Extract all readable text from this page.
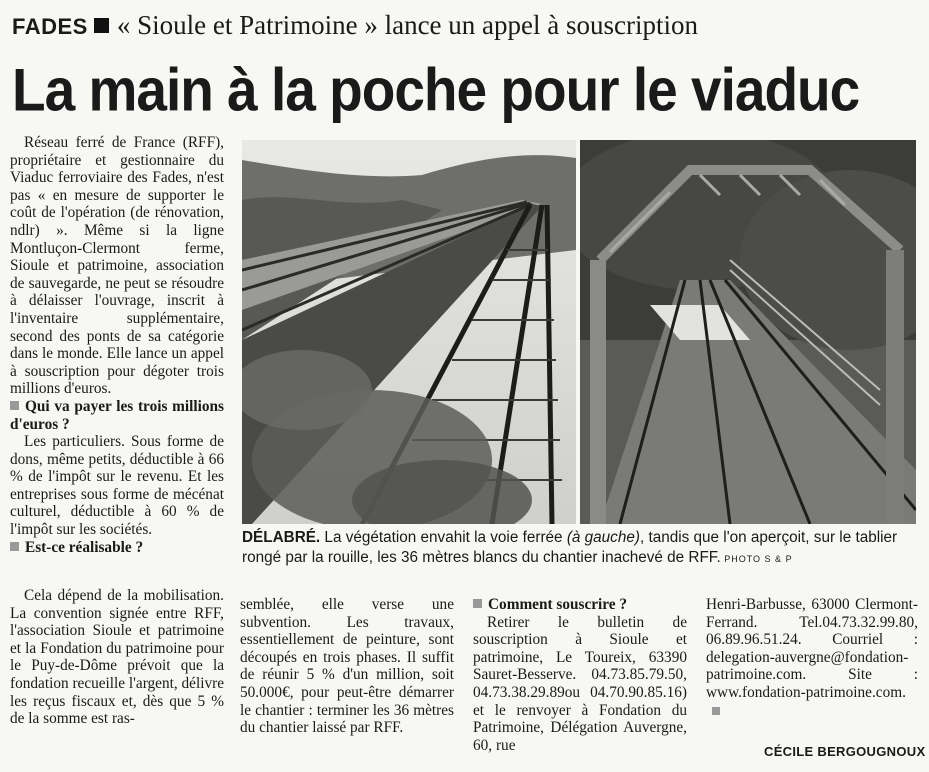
FADES « Sioule et Patrimoine » lance un appel à souscription
La main à la poche pour le viaduc

Réseau ferré de France (RFF), propriétaire et gestionnaire du Viaduc ferroviaire des Fades, n'est pas « en mesure de supporter le coût de l'opération (de rénovation, ndlr) ». Même si la ligne Montluçon-Clermont ferme, Sioule et patrimoine, association de sauvegarde, ne peut se résoudre à délaisser l'ouvrage, inscrit à l'inventaire supplémentaire, second des ponts de sa catégorie dans le monde. Elle lance un appel à souscription pour dégoter trois millions d'euros.

Qui va payer les trois millions d'euros ?

Les particuliers. Sous forme de dons, même petits, déductible à 66 % de l'impôt sur le revenu. Et les entreprises sous forme de mécénat culturel, déductible à 60 % de l'impôt sur les sociétés.

Est-ce réalisable ?

Cela dépend de la mobilisation. La convention signée entre RFF, l'association Sioule et patrimoine et la Fondation du patrimoine pour le Puy-de-Dôme prévoit que la fondation recueille l'argent, délivre les reçus fiscaux et, dès que 5 % de la somme est ras-

semblée, elle verse une subvention. Les travaux, essentiellement de peinture, sont découpés en trois phases. Il suffit de réunir 5 % d'un million, soit 50.000€, pour peut-être démarrer le chantier : terminer les 36 mètres du chantier laissé par RFF.

Comment souscrire ?

Retirer le bulletin de souscription à Sioule et patrimoine, Le Toureix, 63390 Sauret-Besserve. 04.73.85.79.50, 04.73.38.29.89ou 04.70.90.85.16) et le renvoyer à Fondation du Patrimoine, Délégation Auvergne, 60, rue

Henri-Barbusse, 63000 Clermont-Ferrand. Tel.04.73.32.99.80, 06.89.96.51.24. Courriel : delegation-auvergne@fondation-patrimoine.com. Site : www.fondation-patrimoine.com.

DÉLABRÉ. La végétation envahit la voie ferrée (à gauche), tandis que l'on aperçoit, sur le tablier rongé par la rouille, les 36 mètres blancs du chantier inachevé de RFF. PHOTO S & P
CÉCILE BERGOUGNOUX
